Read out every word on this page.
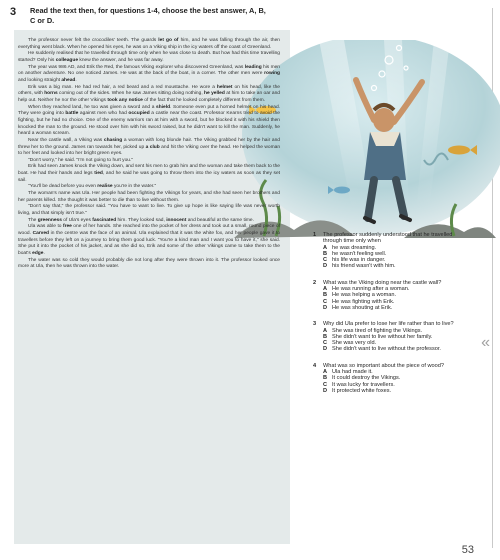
3 Read the text then, for questions 1-4, choose the best answer, A, B, C or D.

The professor never felt the crocodiles' teeth. The guards let go of him, and he was falling through the air, then everything went black. When he opened his eyes, he was on a Viking ship in the icy waters off the coast of Greenland.

He suddenly realised that he travelled through time only when he was close to death. But how had this time travelling started? Only his colleague knew the answer, and he was far away.

The year was 986 AD, and Erik the Red, the famous Viking explorer who discovered Greenland, was leading his men on another adventure. No one noticed James. He was at the back of the boat, in a corner. The other men were rowing and looking straight ahead.

Erik was a big man. He had red hair, a red beard and a red moustache. He wore a helmet on his head, like the others, with horns coming out of the sides. When he saw James sitting doing nothing, he yelled at him to take an oar and help out. Neither he nor the other Vikings took any notice of the fact that he looked completely different from them.

When they reached land, he too was given a sword and a shield. Someone even put a horned helmet on his head. They were going into battle against men who had occupied a castle near the coast. Professor Kearns tried to avoid the fighting, but he had no choice. One of the enemy warriors ran at him with a sword, but he blocked it with his shield then knocked the man to the ground. He stood over him with his sword raised, but he didn't want to kill the man. Suddenly, he heard a woman scream.

Near the castle wall, a Viking was chasing a woman with long blonde hair. The Viking grabbed her by the hair and threw her to the ground. James ran towards her, picked up a club and hit the Viking over the head. He helped the woman to her feet and looked into her bright green eyes.

"Don't worry," he said. "I'm not going to hurt you."

Erik had seen James knock the Viking down, and sent his men to grab him and the woman and take them back to the boat. He had their hands and legs tied, and he said he was going to throw them into the icy waters as soon as they set sail.

"You'll be dead before you even realise you're in the water."

The woman's name was Ula. Her people had been fighting the Vikings for years, and she had seen her brothers and her parents killed. She thought it was better to die than to live without them.

"Don't say that," the professor said. "You have to want to live. To give up hope is like saying life was never worth living, and that simply isn't true."

The greenness of Ula's eyes fascinated him. They looked sad, innocent and beautiful at the same time.

Ula was able to free one of her hands. She reached into the pocket of her dress and took out a small, round piece of wood. Carved in the centre was the face of an animal. Ula explained that it was the white fox, and her people gave it to travellers before they left on a journey to bring them good luck. "You're a kind man and I want you to have it," she said. She put it into the pocket of his jacket, and as she did so, Erik and some of the other Vikings came to take them to the boat's edge.

The water was so cold they would probably die not long after they were thrown into it. The professor looked once more at Ula, then he was thrown into the water.

1 The professor suddenly understood that he travelled through time only when
A he was dreaming.
B he wasn't feeling well.
C his life was in danger.
D his friend wasn't with him.
2 What was the Viking doing near the castle wall?
A He was running after a woman.
B He was helping a woman.
C He was fighting with Erik.
D He was shouting at Erik.
3 Why did Ula prefer to lose her life rather than to live?
A She was tired of fighting the Vikings.
B She didn't want to live without her family.
C She was very old.
D She didn't want to live without the professor.
4 What was so important about the piece of wood?
A Ula had made it.
B It could destroy the Vikings.
C It was lucky for travellers.
D It protected white foxes.
«
53
